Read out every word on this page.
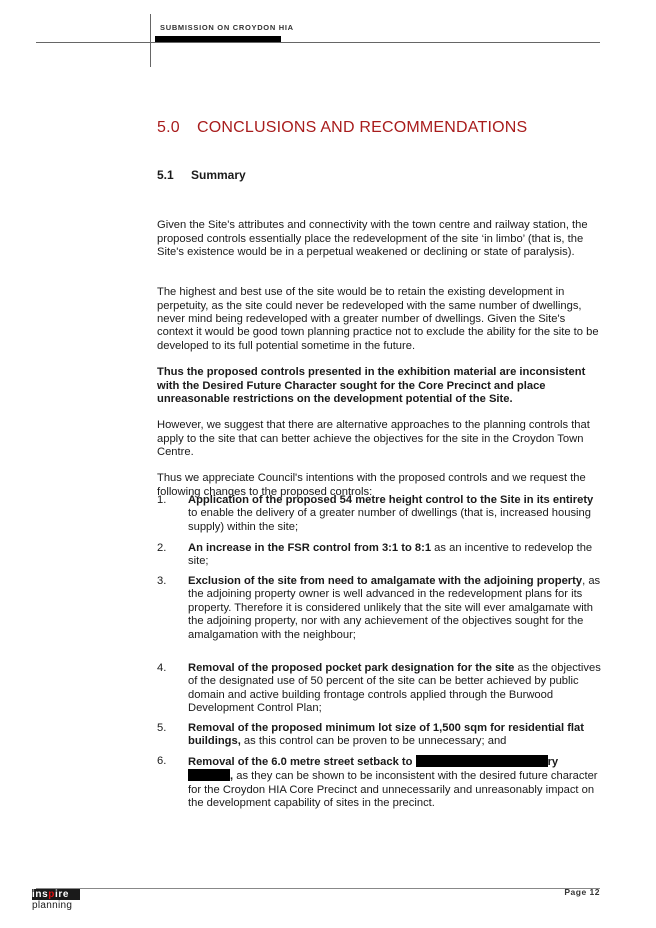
SUBMISSION ON CROYDON HIA
5.0 CONCLUSIONS AND RECOMMENDATIONS
5.1 Summary

Given the Site's attributes and connectivity with the town centre and railway station, the proposed controls essentially place the redevelopment of the site ‘in limbo’ (that is, the Site's existence would be in a perpetual weakened or declining or state of paralysis).

The highest and best use of the site would be to retain the existing development in perpetuity, as the site could never be redeveloped with the same number of dwellings, never mind being redeveloped with a greater number of dwellings. Given the Site's context it would be good town planning practice not to exclude the ability for the site to be developed to its full potential sometime in the future.

Thus the proposed controls presented in the exhibition material are inconsistent with the Desired Future Character sought for the Core Precinct and place unreasonable restrictions on the development potential of the Site.

However, we suggest that there are alternative approaches to the planning controls that apply to the site that can better achieve the objectives for the site in the Croydon Town Centre.

Thus we appreciate Council's intentions with the proposed controls and we request the following changes to the proposed controls:

1. Application of the proposed 54 metre height control to the Site in its entirety to enable the delivery of a greater number of dwellings (that is, increased housing supply) within the site;
2. An increase in the FSR control from 3:1 to 8:1 as an incentive to redevelop the site;
3. Exclusion of the site from need to amalgamate with the adjoining property, as the adjoining property owner is well advanced in the redevelopment plans for its property. Therefore it is considered unlikely that the site will ever amalgamate with the adjoining property, nor with any achievement of the objectives sought for the amalgamation with the neighbour;
4. Removal of the proposed pocket park designation for the site as the objectives of the designated use of 50 percent of the site can be better achieved by public domain and active building frontage controls applied through the Burwood Development Control Plan;
5. Removal of the proposed minimum lot size of 1,500 sqm for residential flat buildings, as this control can be proven to be unnecessary; and
6. Removal of the 6.0 metre street setback to	ry
, as they can be shown to be inconsistent with the desired future character for the Croydon HIA Core Precinct and unnecessarily and unreasonably impact on the development capability of sites in the precinct.
inspire
planning
Page 12
